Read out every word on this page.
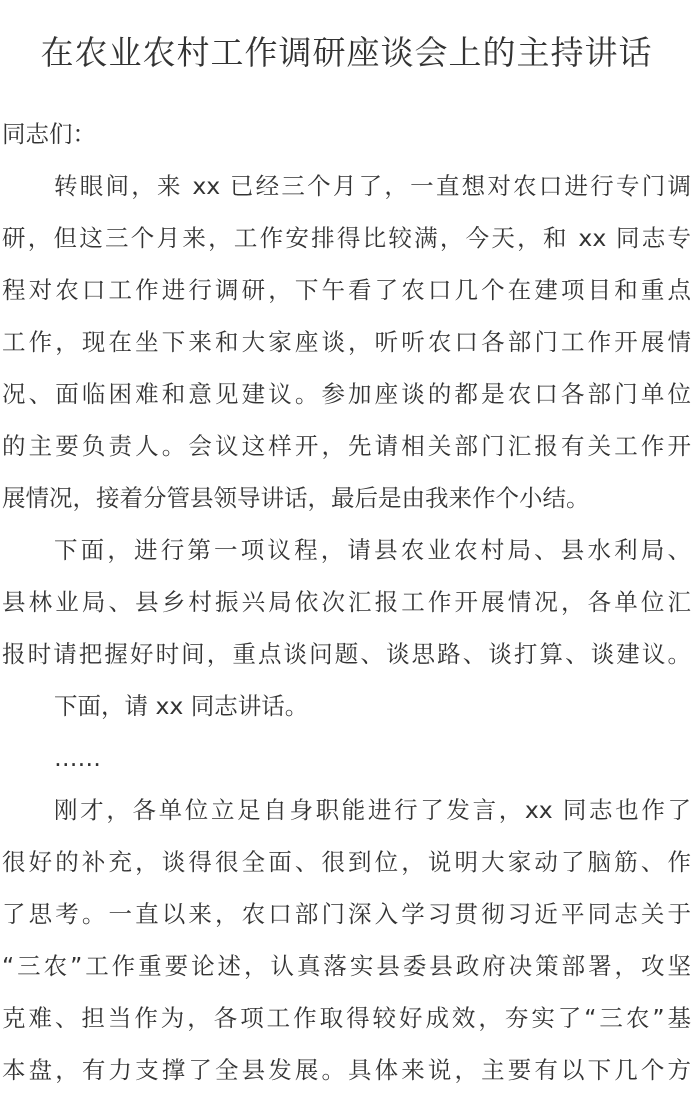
在农业农村工作调研座谈会上的主持讲话
同志们：
转眼间，来 xx 已经三个月了，一直想对农口进行专门调
研，但这三个月来，工作安排得比较满，今天，和 xx 同志专
程对农口工作进行调研，下午看了农口几个在建项目和重点
工作，现在坐下来和大家座谈，听听农口各部门工作开展情
况、面临困难和意见建议。参加座谈的都是农口各部门单位
的主要负责人。会议这样开，先请相关部门汇报有关工作开
展情况，接着分管县领导讲话，最后是由我来作个小结。
下面，进行第一项议程，请县农业农村局、县水利局、
县林业局、县乡村振兴局依次汇报工作开展情况，各单位汇
报时请把握好时间，重点谈问题、谈思路、谈打算、谈建议。
下面，请 xx 同志讲话。
……
刚才，各单位立足自身职能进行了发言，xx 同志也作了
很好的补充，谈得很全面、很到位，说明大家动了脑筋、作
了思考。一直以来，农口部门深入学习贯彻习近平同志关于
“三农”工作重要论述，认真落实县委县政府决策部署，攻坚
克难、担当作为，各项工作取得较好成效，夯实了“三农”基
本盘，有力支撑了全县发展。具体来说，主要有以下几个方
